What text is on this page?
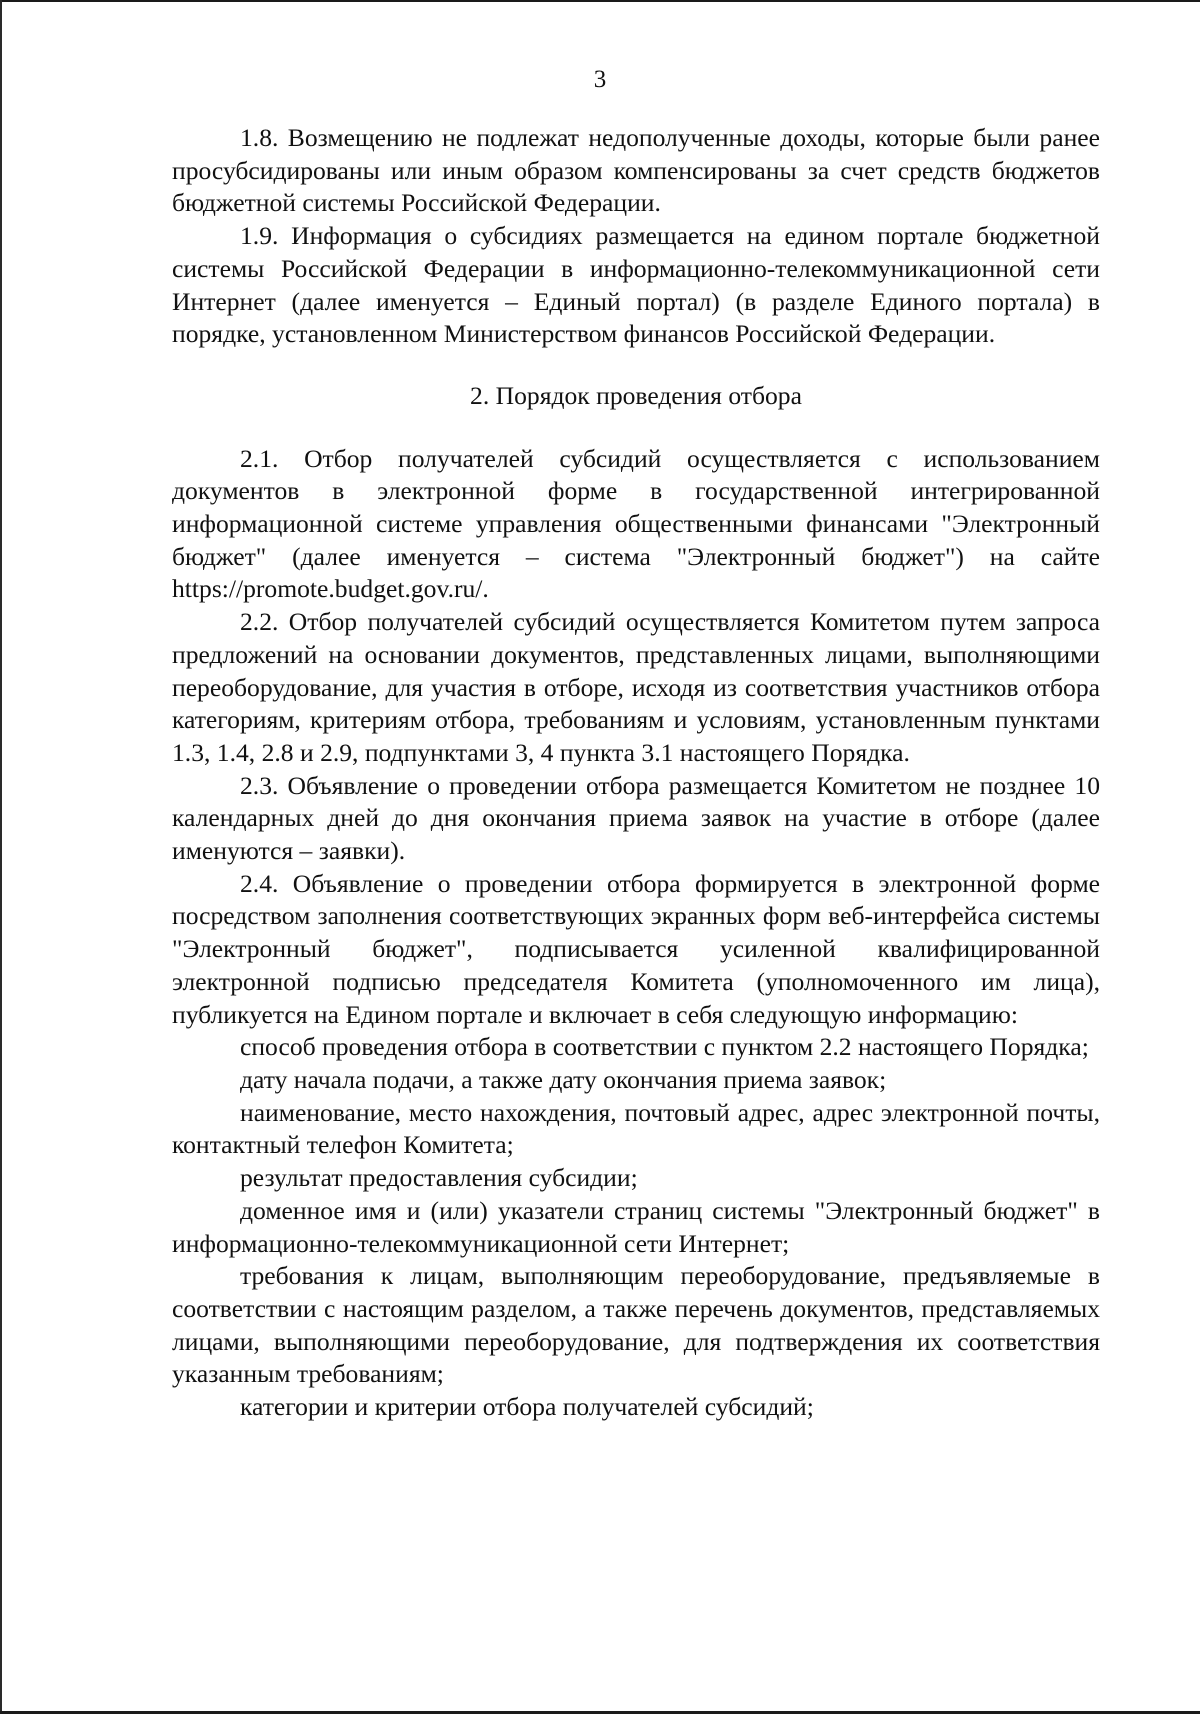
3

1.8. Возмещению не подлежат недополученные доходы, которые были ранее просубсидированы или иным образом компенсированы за счет средств бюджетов бюджетной системы Российской Федерации.

1.9. Информация о субсидиях размещается на едином портале бюджетной системы Российской Федерации в информационно-телекоммуникационной сети Интернет (далее именуется – Единый портал) (в разделе Единого портала) в порядке, установленном Министерством финансов Российской Федерации.

2. Порядок проведения отбора

2.1. Отбор получателей субсидий осуществляется с использованием документов в электронной форме в государственной интегрированной информационной системе управления общественными финансами "Электронный бюджет" (далее именуется – система "Электронный бюджет") на сайте https://promote.budget.gov.ru/.

2.2. Отбор получателей субсидий осуществляется Комитетом путем запроса предложений на основании документов, представленных лицами, выполняющими переоборудование, для участия в отборе, исходя из соответствия участников отбора категориям, критериям отбора, требованиям и условиям, установленным пунктами 1.3, 1.4, 2.8 и 2.9, подпунктами 3, 4 пункта 3.1 настоящего Порядка.

2.3. Объявление о проведении отбора размещается Комитетом не позднее 10 календарных дней до дня окончания приема заявок на участие в отборе (далее именуются – заявки).

2.4. Объявление о проведении отбора формируется в электронной форме посредством заполнения соответствующих экранных форм веб-интерфейса системы "Электронный бюджет", подписывается усиленной квалифицированной электронной подписью председателя Комитета (уполномоченного им лица), публикуется на Едином портале и включает в себя следующую информацию:

способ проведения отбора в соответствии с пунктом 2.2 настоящего Порядка;

дату начала подачи, а также дату окончания приема заявок;

наименование, место нахождения, почтовый адрес, адрес электронной почты, контактный телефон Комитета;

результат предоставления субсидии;

доменное имя и (или) указатели страниц системы "Электронный бюджет" в информационно-телекоммуникационной сети Интернет;

требования к лицам, выполняющим переоборудование, предъявляемые в соответствии с настоящим разделом, а также перечень документов, представляемых лицами, выполняющими переоборудование, для подтверждения их соответствия указанным требованиям;

категории и критерии отбора получателей субсидий;
